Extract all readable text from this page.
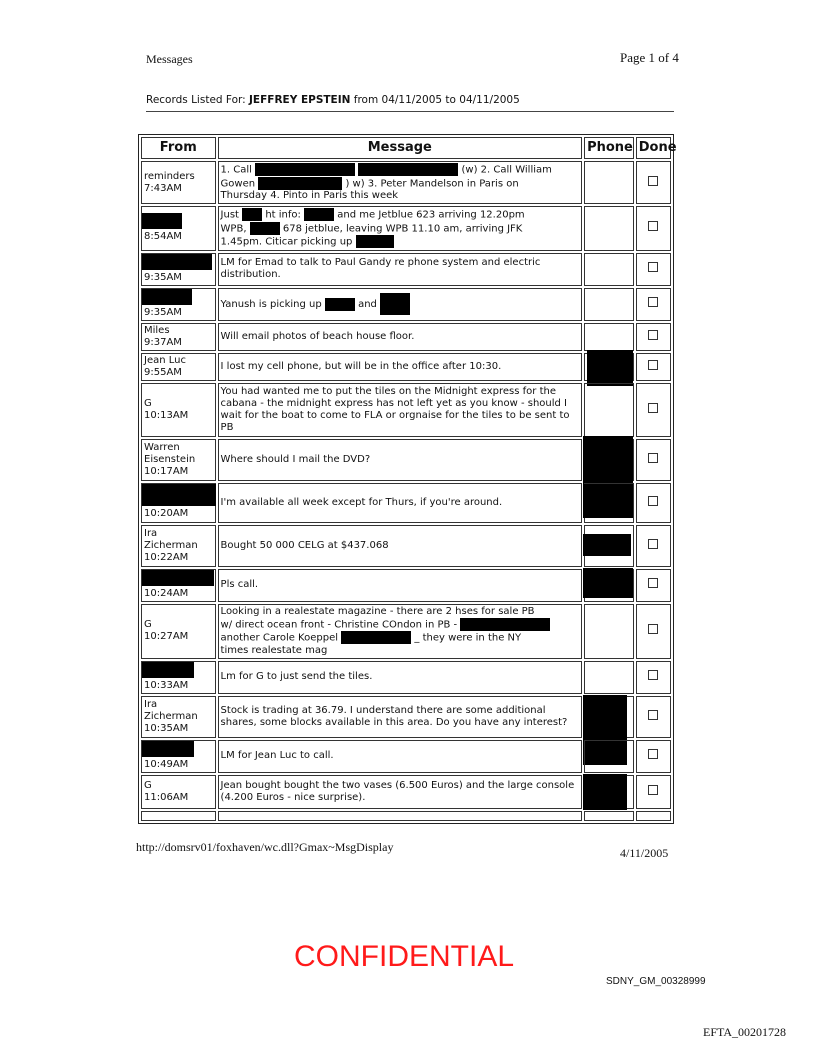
Messages	Page 1 of 4
Records Listed For: JEFFREY EPSTEIN from 04/11/2005 to 04/11/2005
From	Message	Phone	Done
reminders
7:43AM	1. Call (w) 2. Call William
Gowen ) w) 3. Peter Mandelson in Paris on
Thursday 4. Pinto in Paris this week		

8:54AM	Just ht info: and me Jetblue 623 arriving 12.20pm
WPB, 678 jetblue, leaving WPB 11.10 am, arriving JFK
1.45pm. Citicar picking up		

9:35AM	LM for Emad to talk to Paul Gandy re phone system and electric distribution.		

9:35AM	Yanush is picking up and		
Miles
9:37AM	Will email photos of beach house floor.		
Jean Luc
9:55AM	I lost my cell phone, but will be in the office after 10:30.	

G
10:13AM	You had wanted me to put the tiles on the Midnight express for the cabana - the midnight express has not left yet as you know - should I wait for the boat to come to FLA or orgnaise for the tiles to be sent to PB		
Warren
Eisenstein
10:17AM	Where should I mail the DVD?	

10:20AM	I'm available all week except for Thurs, if you're around.	

Ira
Zicherman
10:22AM	Bought 50 000 CELG at $437.068	

10:24AM	Pls call.	

G
10:27AM	Looking in a realestate magazine - there are 2 hses for sale PB
w/ direct ocean front - Christine COndon in PB -
another Carole Koeppel _ they were in the NY
times realestate mag		

10:33AM	Lm for G to just send the tiles.		
Ira
Zicherman
10:35AM	Stock is trading at 36.79. I understand there are some additional shares, some blocks available in this area. Do you have any interest?	

10:49AM	LM for Jean Luc to call.		
G
11:06AM	Jean bought bought the two vases (6.500 Euros) and the large console (4.200 Euros - nice surprise).	

http://domsrv01/foxhaven/wc.dll?Gmax~MsgDisplay	4/11/2005
CONFIDENTIAL
SDNY_GM_00328999
EFTA_00201728
